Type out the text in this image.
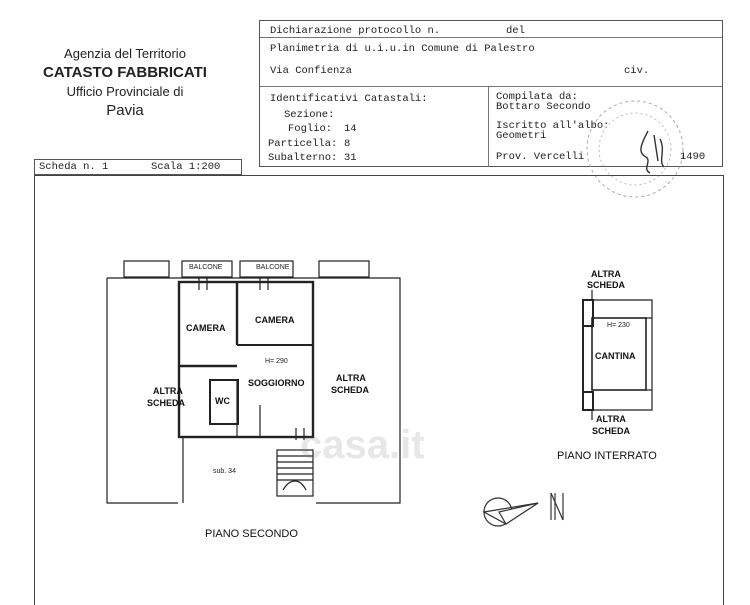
Agenzia del Territorio
CATASTO FABBRICATI
Ufficio Provinciale di
Pavia
Dichiarazione protocollo n.	del
Planimetria di u.i.u.in Comune di Palestro
Via Confienza	civ.
Identificativi Catastali:
Sezione:
Foglio: 14
Particella: 8
Subalterno: 31
Compilata da:
Bottaro Secondo
Iscritto all'albo:
Geometri
Prov. Vercelli	1490
Scheda n. 1	Scala 1:200
BALCONE	BALCONE
CAMERA
CAMERA
H= 290
SOGGIORNO
WC
ALTRA
SCHEDA
ALTRA
SCHEDA
sub. 34
PIANO SECONDO
ALTRA
SCHEDA
H= 230
CANTINA
ALTRA
SCHEDA
PIANO INTERRATO
casa.it
